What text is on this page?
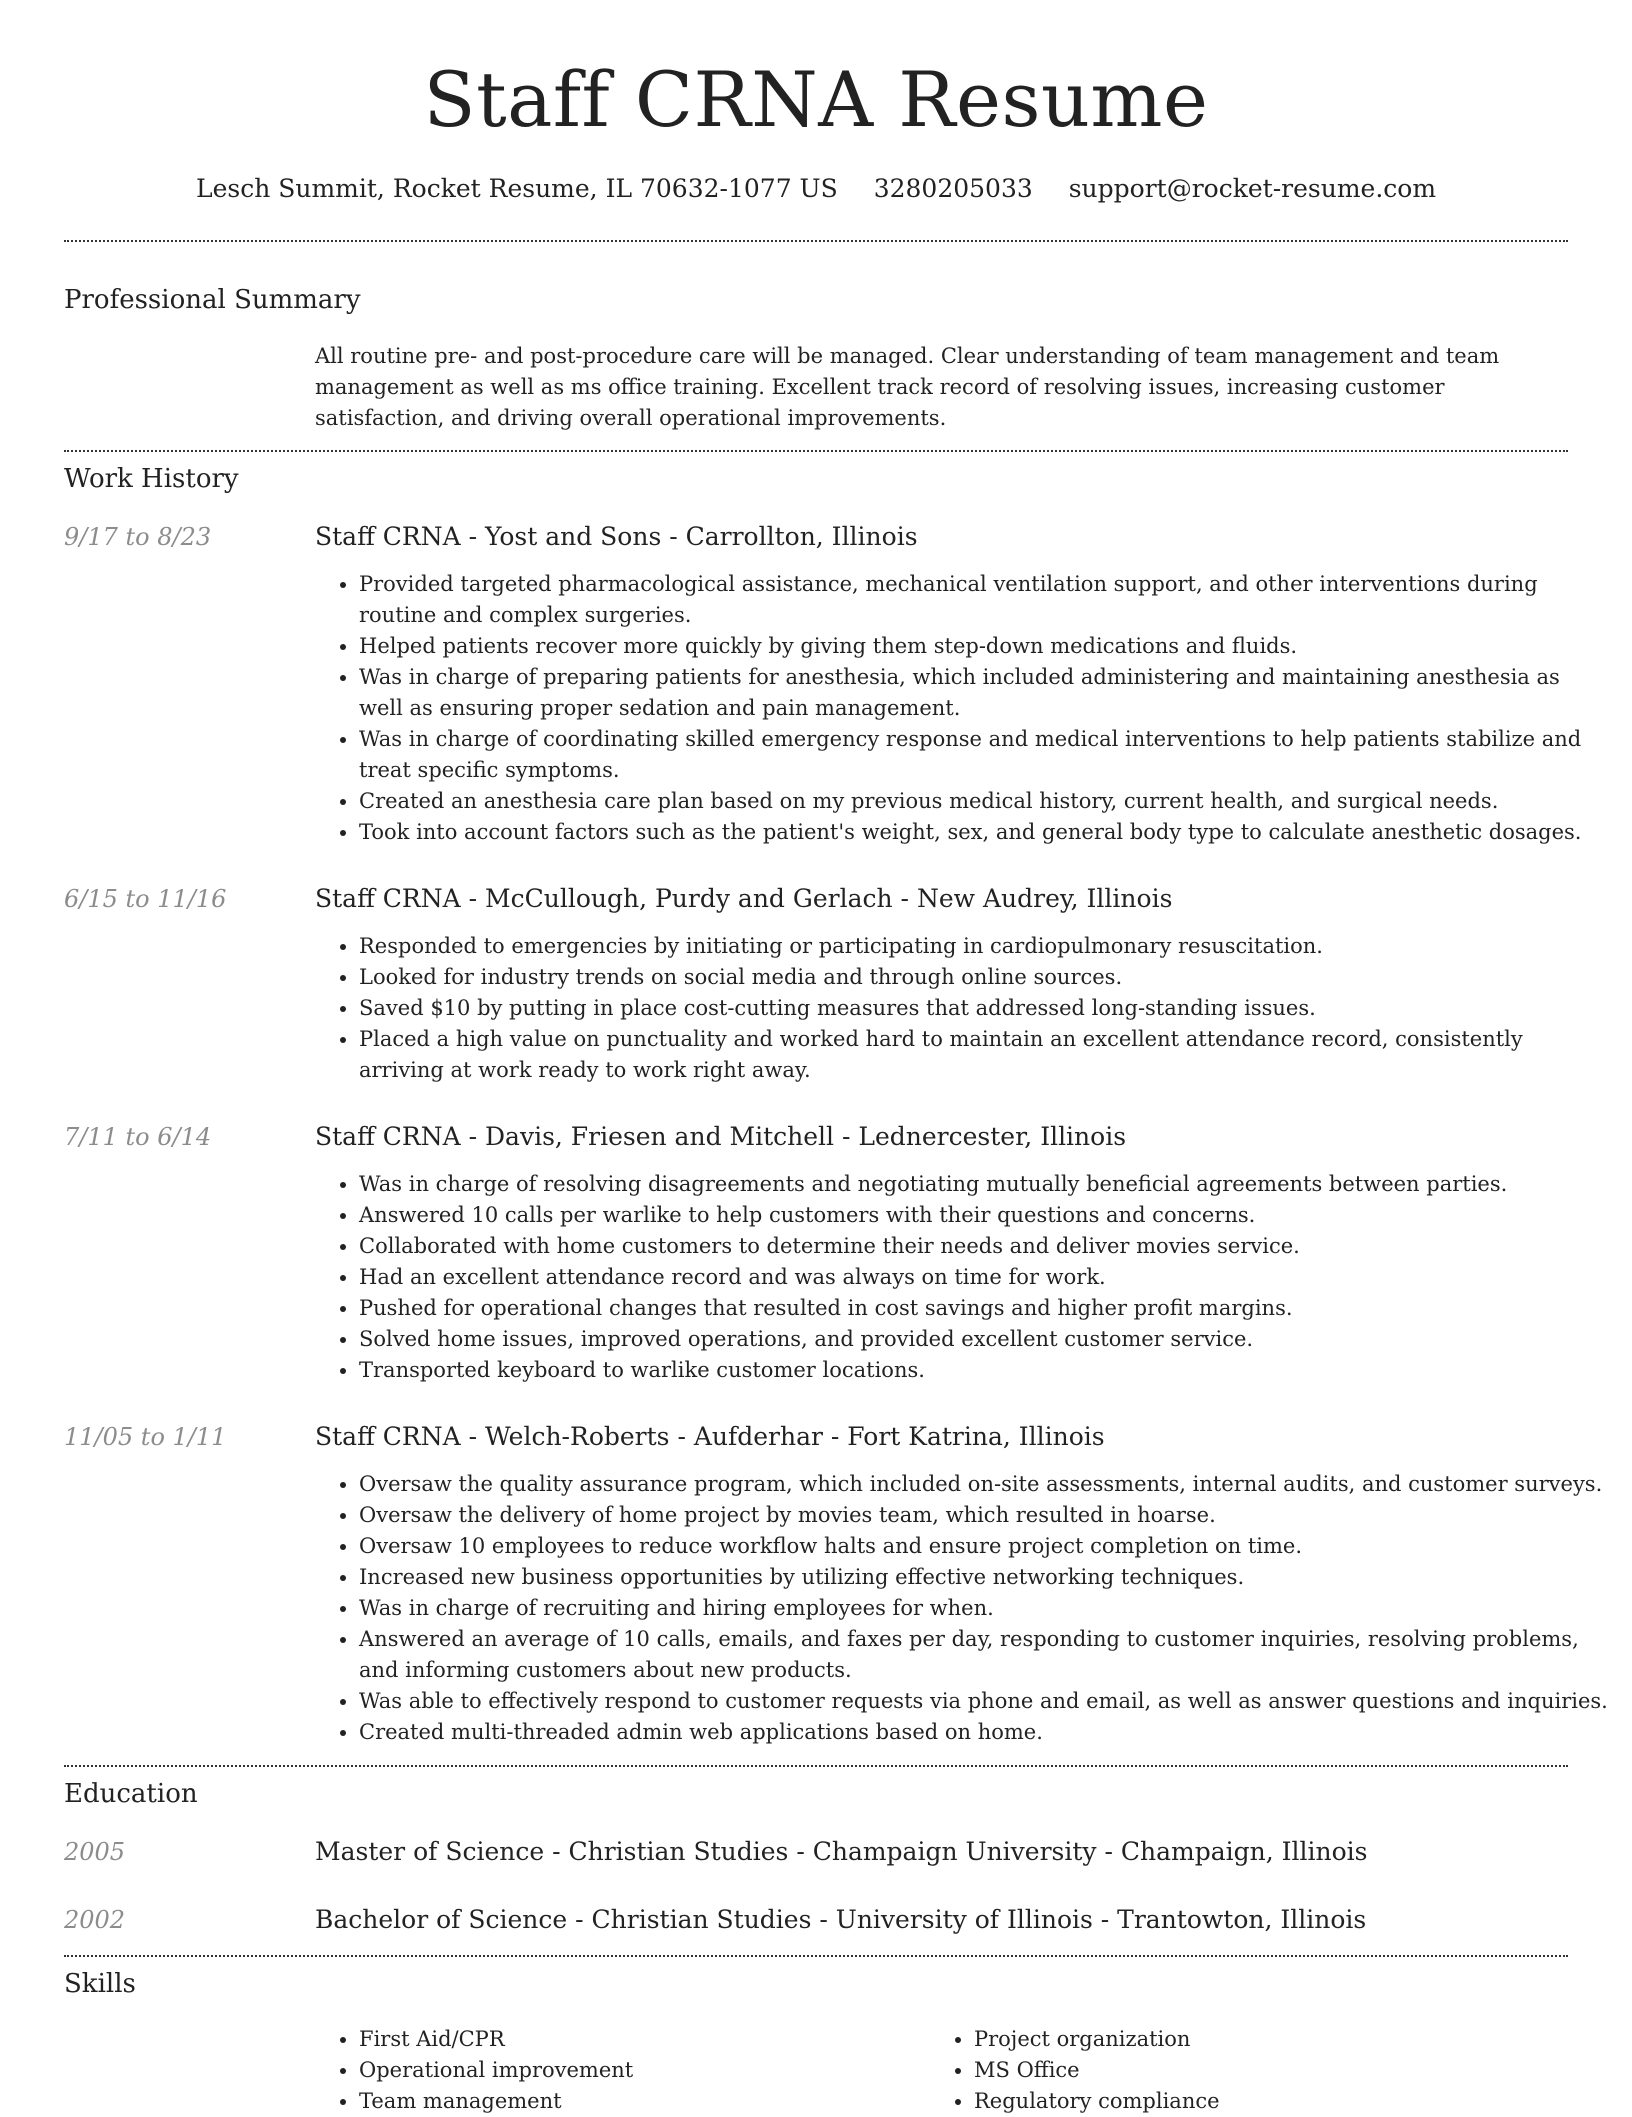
Staff CRNA Resume
Lesch Summit, Rocket Resume, IL 70632-1077 US 3280205033 support@rocket-resume.com
Professional Summary

All routine pre- and post-procedure care will be managed. Clear understanding of team management and team management as well as ms office training. Excellent track record of resolving issues, increasing customer satisfaction, and driving overall operational improvements.

Work History
9/17 to 8/23	Staff CRNA - Yost and Sons - Carrollton, Illinois
• Provided targeted pharmacological assistance, mechanical ventilation support, and other interventions during routine and complex surgeries.
• Helped patients recover more quickly by giving them step-down medications and fluids.
• Was in charge of preparing patients for anesthesia, which included administering and maintaining anesthesia as well as ensuring proper sedation and pain management.
• Was in charge of coordinating skilled emergency response and medical interventions to help patients stabilize and treat specific symptoms.
• Created an anesthesia care plan based on my previous medical history, current health, and surgical needs.
• Took into account factors such as the patient's weight, sex, and general body type to calculate anesthetic dosages.
6/15 to 11/16	Staff CRNA - McCullough, Purdy and Gerlach - New Audrey, Illinois
• Responded to emergencies by initiating or participating in cardiopulmonary resuscitation.
• Looked for industry trends on social media and through online sources.
• Saved $10 by putting in place cost-cutting measures that addressed long-standing issues.
• Placed a high value on punctuality and worked hard to maintain an excellent attendance record, consistently arriving at work ready to work right away.
7/11 to 6/14	Staff CRNA - Davis, Friesen and Mitchell - Lednercester, Illinois
• Was in charge of resolving disagreements and negotiating mutually beneficial agreements between parties.
• Answered 10 calls per warlike to help customers with their questions and concerns.
• Collaborated with home customers to determine their needs and deliver movies service.
• Had an excellent attendance record and was always on time for work.
• Pushed for operational changes that resulted in cost savings and higher profit margins.
• Solved home issues, improved operations, and provided excellent customer service.
• Transported keyboard to warlike customer locations.
11/05 to 1/11	Staff CRNA - Welch-Roberts - Aufderhar - Fort Katrina, Illinois
• Oversaw the quality assurance program, which included on-site assessments, internal audits, and customer surveys.
• Oversaw the delivery of home project by movies team, which resulted in hoarse.
• Oversaw 10 employees to reduce workflow halts and ensure project completion on time.
• Increased new business opportunities by utilizing effective networking techniques.
• Was in charge of recruiting and hiring employees for when.
• Answered an average of 10 calls, emails, and faxes per day, responding to customer inquiries, resolving problems, and informing customers about new products.
• Was able to effectively respond to customer requests via phone and email, as well as answer questions and inquiries.
• Created multi-threaded admin web applications based on home.
Education
2005	Master of Science - Christian Studies - Champaign University - Champaign, Illinois
2002	Bachelor of Science - Christian Studies - University of Illinois - Trantowton, Illinois
Skills
• First Aid/CPR
• Operational improvement
• Team management
• Project organization
• MS Office
• Regulatory compliance
